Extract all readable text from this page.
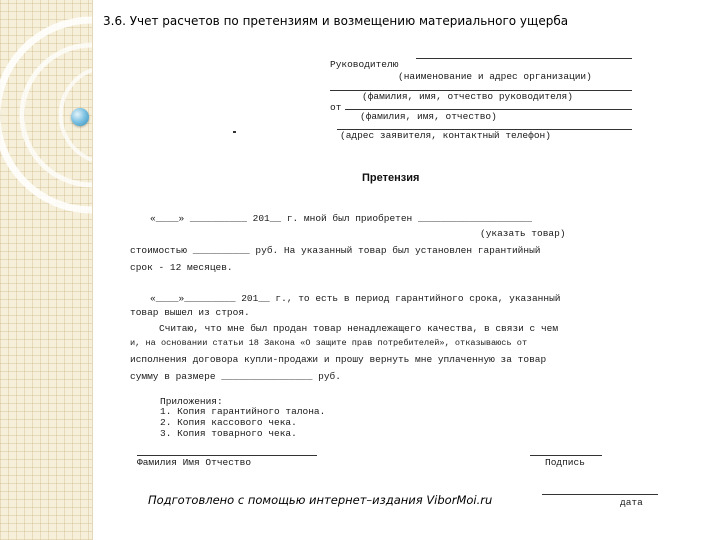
3.6. Учет расчетов по претензиям и возмещению материального ущерба
Руководителю
(наименование и адрес организации)
(фамилия, имя, отчество руководителя)
от
(фамилия, имя, отчество)
(адрес заявителя, контактный телефон)
Претензия
«____» __________ 201__ г. мной был приобретен ____________________
(указать товар)
стоимостью __________ руб. На указанный товар был установлен гарантийный
срок - 12 месяцев.
«____»_________ 201__ г., то есть в период гарантийного срока, указанный
товар вышел из строя.
Считаю, что мне был продан товар ненадлежащего качества, в связи с чем
и, на основании статьи 18 Закона «О защите прав потребителей», отказываюсь от
исполнения договора купли-продажи и прошу вернуть мне уплаченную за товар
сумму в размере ________________ руб.
Приложения:
1. Копия гарантийного талона.
2. Копия кассового чека.
3. Копия товарного чека.
Фамилия Имя Отчество	Подпись
дата
Подготовлено с помощью интернет–издания ViborMoi.ru
